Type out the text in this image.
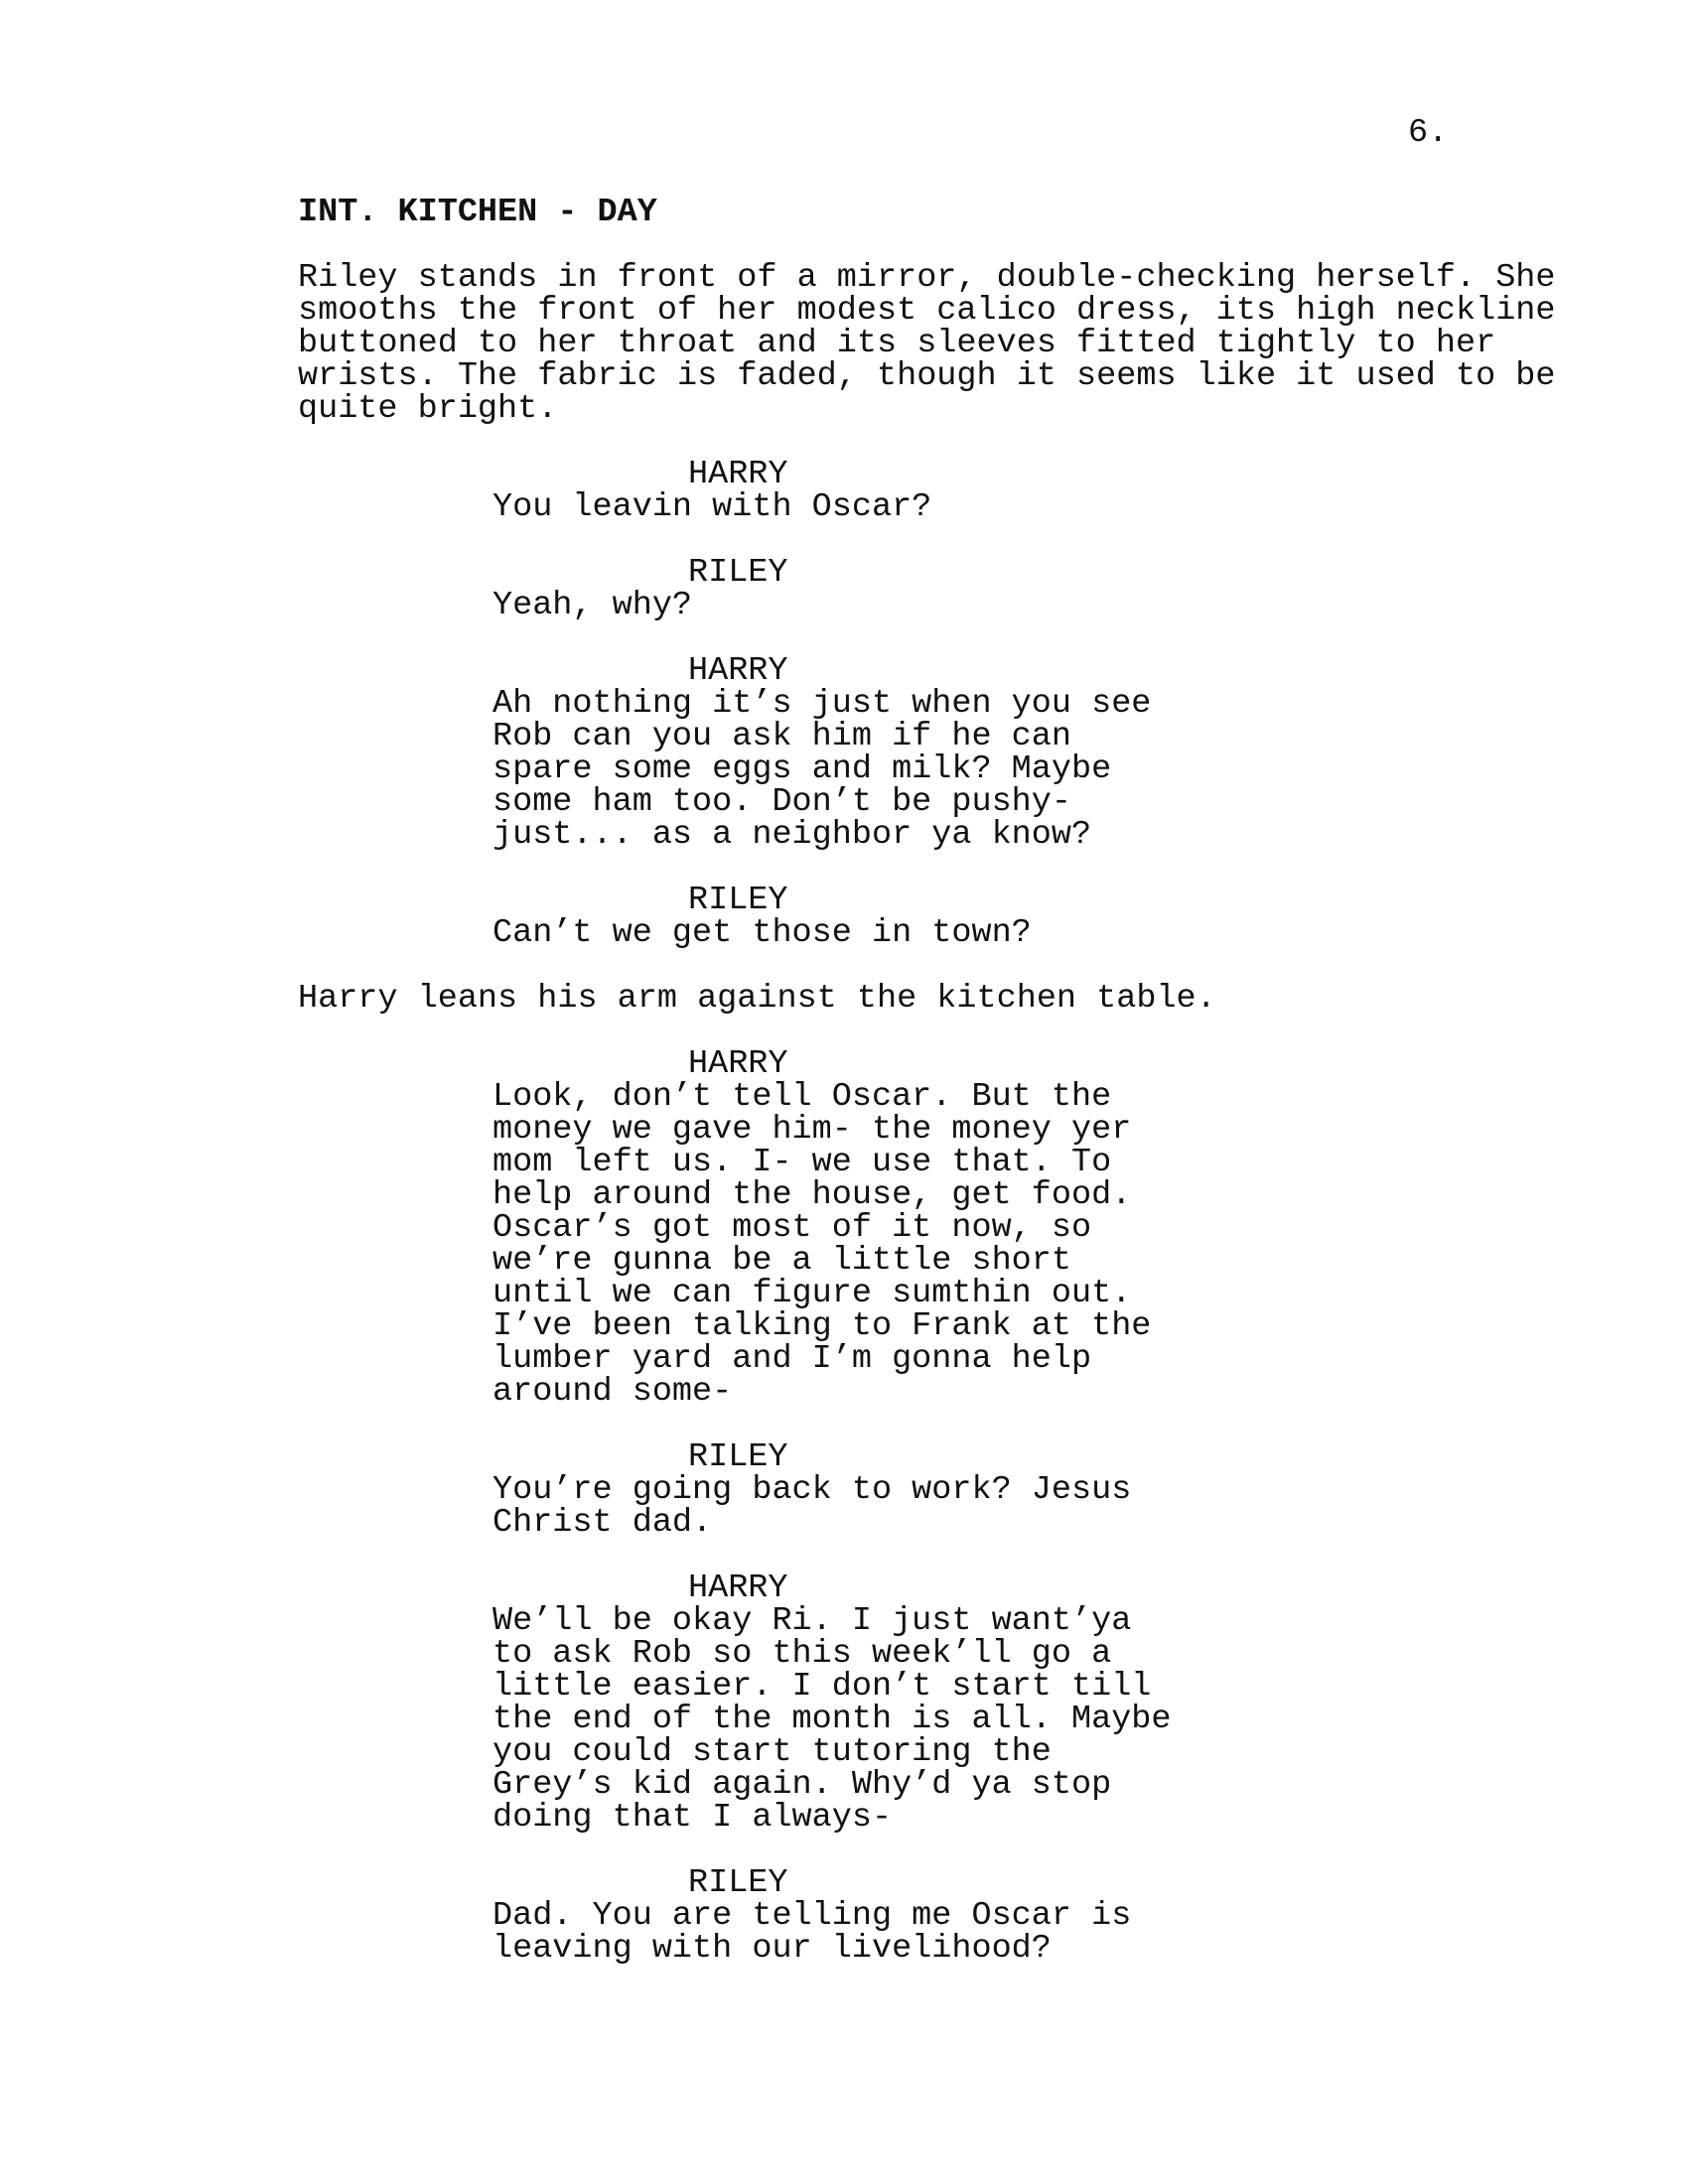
6.
INT. KITCHEN - DAY
Riley stands in front of a mirror, double-checking herself. She
smooths the front of her modest calico dress, its high neckline
buttoned to her throat and its sleeves fitted tightly to her
wrists. The fabric is faded, though it seems like it used to be
quite bright.
HARRY
You leavin with Oscar?
RILEY
Yeah, why?
HARRY
Ah nothing it’s just when you see
Rob can you ask him if he can
spare some eggs and milk? Maybe
some ham too. Don’t be pushy-
just... as a neighbor ya know?
RILEY
Can’t we get those in town?
Harry leans his arm against the kitchen table.
HARRY
Look, don’t tell Oscar. But the
money we gave him- the money yer
mom left us. I- we use that. To
help around the house, get food.
Oscar’s got most of it now, so
we’re gunna be a little short
until we can figure sumthin out.
I’ve been talking to Frank at the
lumber yard and I’m gonna help
around some-
RILEY
You’re going back to work? Jesus
Christ dad.
HARRY
We’ll be okay Ri. I just want’ya
to ask Rob so this week’ll go a
little easier. I don’t start till
the end of the month is all. Maybe
you could start tutoring the
Grey’s kid again. Why’d ya stop
doing that I always-
RILEY
Dad. You are telling me Oscar is
leaving with our livelihood?
